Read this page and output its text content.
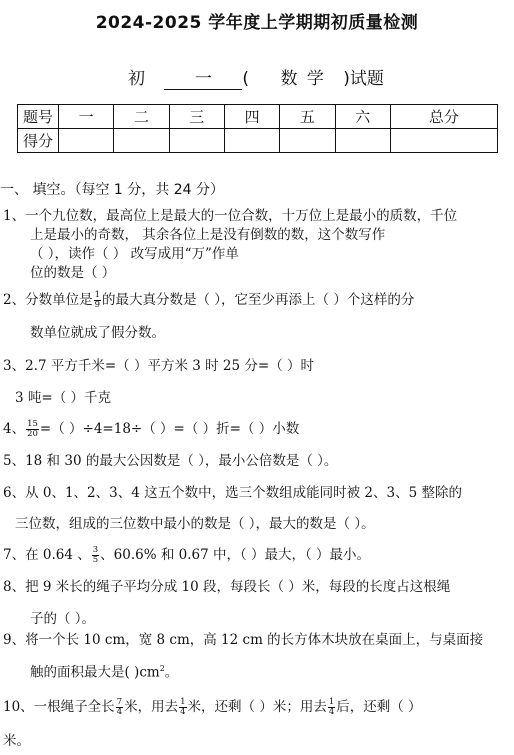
2024-2025 学年度上学期期初质量检测
初	一 ( 数 学 )试题
题号	一	二	三	四	五	六	总分
得分							
一、 填空。（每空 1 分，共 24 分）
1、一个九位数，最高位上是最大的一位合数，十万位上是最小的质数，千位
上是最小的奇数， 其余各位上是没有倒数的数，这个数写作
（ ），读作（ ） 改写成用“万”作单
位的数是（ ）
2、分数单位是 $\frac{1}{9}$ 的最大真分数是（ ），它至少再添上（ ）个这样的分
数单位就成了假分数。
3、2.7 平方千米=（ ）平方米 3 时 25 分=（ ）时
3 吨=（ ）千克
4、 $\frac{15}{20}$ =（ ）÷4=18÷（ ）=（ ）折=（ ）小数
5、18 和 30 的最大公因数是（ ），最小公倍数是（ ）。
6、从 0、1、2、3、4 这五个数中，选三个数组成能同时被 2、3、5 整除的
三位数，组成的三位数中最小的数是（ ），最大的数是（ ）。
7、在 0.64 、 $\frac{3}{5}$ 、60.6% 和 0.67 中，（ ）最大，（ ）最小。
8、把 9 米长的绳子平均分成 10 段，每段长（ ）米，每段的长度占这根绳
子的（ ）。
9、将一个长 10 cm，宽 8 cm，高 12 cm 的长方体木块放在桌面上，与桌面接
触的面积最大是( )$cm^2$。
10、一根绳子全长 $\frac{7}{4}$ 米，用去 $\frac{1}{4}$ 米，还剩（ ）米；用去 $\frac{1}{4}$ 后，还剩（ ）
米。
